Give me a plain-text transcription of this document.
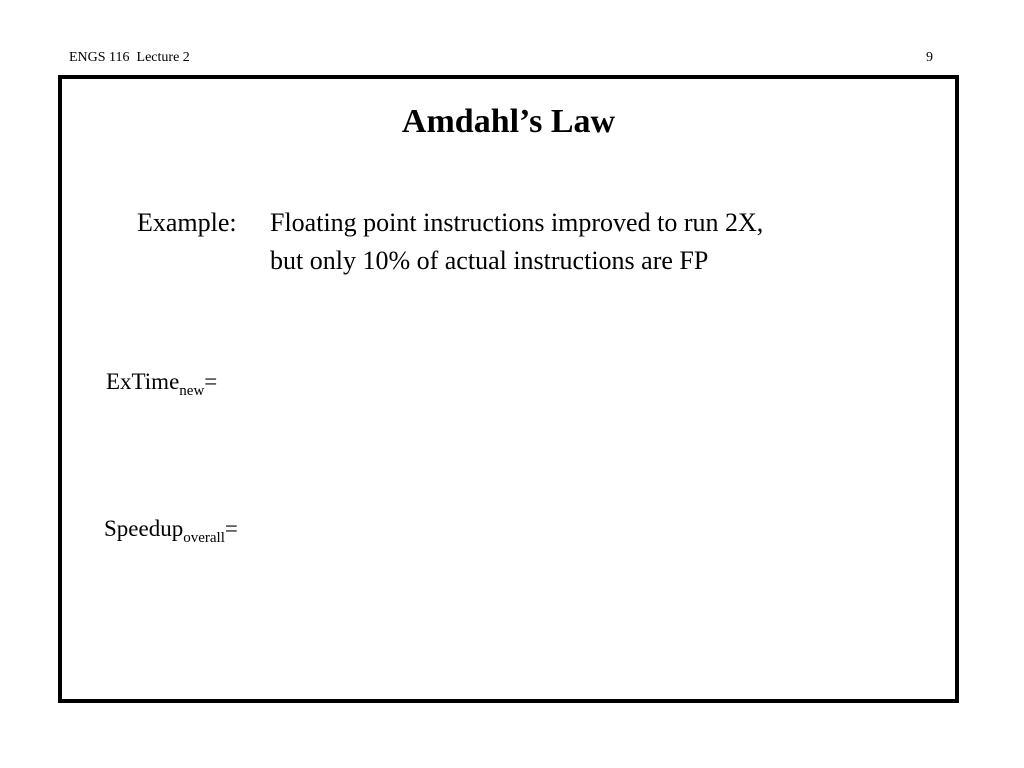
ENGS 116  Lecture 2	9
Amdahl’s Law
Example: Floating point instructions improved to run 2X,
but only 10% of actual instructions are FP
ExTime$_{new}$=
Speedup$_{overall}$=
